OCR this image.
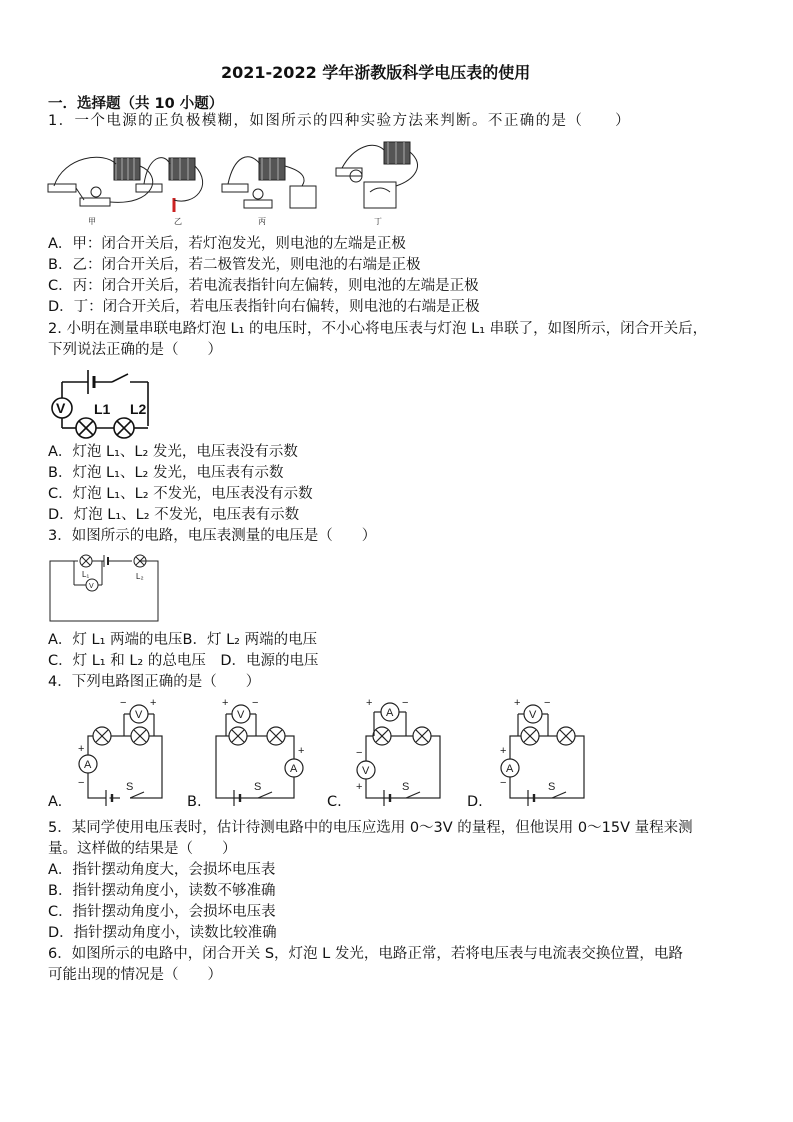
2021-2022 学年浙教版科学电压表的使用
一．选择题（共 10 小题）
1．一个电源的正负极模糊，如图所示的四种实验方法来判断。不正确的是（　　）
甲	乙	丙	丁
A．甲：闭合开关后，若灯泡发光，则电池的左端是正极
B．乙：闭合开关后，若二极管发光，则电池的右端是正极
C．丙：闭合开关后，若电流表指针向左偏转，则电池的左端是正极
D．丁：闭合开关后，若电压表指针向右偏转，则电池的右端是正极
2. 小明在测量串联电路灯泡 L₁ 的电压时，不小心将电压表与灯泡 L₁ 串联了，如图所示，闭合开关后，
下列说法正确的是（　　）
V L1 L2
A．灯泡 L₁、L₂ 发光，电压表没有示数
B．灯泡 L₁、L₂ 发光，电压表有示数
C．灯泡 L₁、L₂ 不发光，电压表没有示数
D．灯泡 L₁、L₂ 不发光，电压表有示数
3．如图所示的电路，电压表测量的电压是（　　）
L₁
V
L₂
A．灯 L₁ 两端的电压B．灯 L₂ 两端的电压
C．灯 L₁ 和 L₂ 的总电压　D．电源的电压
4．下列电路图正确的是（　　）
V
A
S
V
A
S
A
V
S
V
A
S
− +
+
−
+ −
+
+	−
−
+
+ −
+
−
A.	B.	C.	D.
5．某同学使用电压表时，估计待测电路中的电压应选用 0～3V 的量程，但他误用 0～15V 量程来测
量。这样做的结果是（　　）
A．指针摆动角度大，会损坏电压表
B．指针摆动角度小，读数不够准确
C．指针摆动角度小，会损坏电压表
D．指针摆动角度小，读数比较准确
6．如图所示的电路中，闭合开关 S，灯泡 L 发光，电路正常，若将电压表与电流表交换位置，电路
可能出现的情况是（　　）
